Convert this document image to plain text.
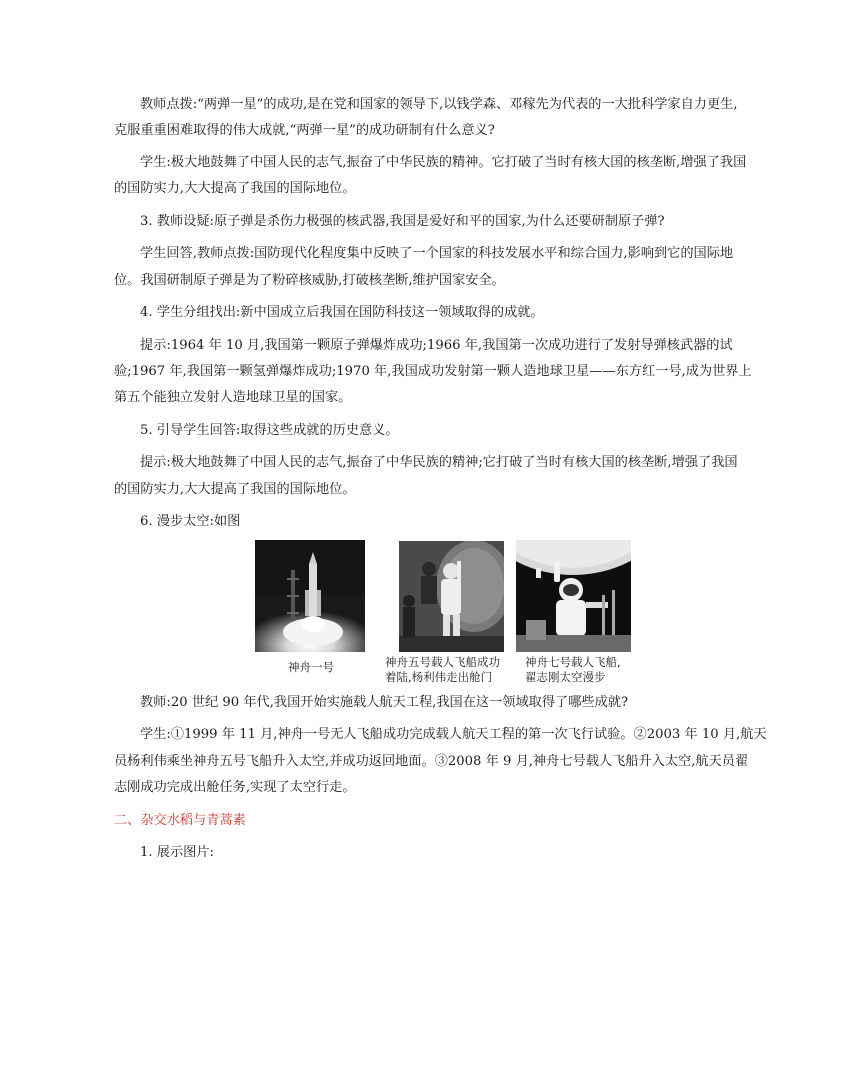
教师点拨:“两弹一星”的成功,是在党和国家的领导下,以钱学森、邓稼先为代表的一大批科学家自力更生,

克服重重困难取得的伟大成就,“两弹一星”的成功研制有什么意义?

学生:极大地鼓舞了中国人民的志气,振奋了中华民族的精神。它打破了当时有核大国的核垄断,增强了我国

的国防实力,大大提高了我国的国际地位。

3. 教师设疑:原子弹是杀伤力极强的核武器,我国是爱好和平的国家,为什么还要研制原子弹?

学生回答,教师点拨:国防现代化程度集中反映了一个国家的科技发展水平和综合国力,影响到它的国际地

位。我国研制原子弹是为了粉碎核威胁,打破核垄断,维护国家安全。

4. 学生分组找出:新中国成立后我国在国防科技这一领域取得的成就。

提示:1964 年 10 月,我国第一颗原子弹爆炸成功;1966 年,我国第一次成功进行了发射导弹核武器的试

验;1967 年,我国第一颗氢弹爆炸成功;1970 年,我国成功发射第一颗人造地球卫星——东方红一号,成为世界上

第五个能独立发射人造地球卫星的国家。

5. 引导学生回答:取得这些成就的历史意义。

提示:极大地鼓舞了中国人民的志气,振奋了中华民族的精神;它打破了当时有核大国的核垄断,增强了我国

的国防实力,大大提高了我国的国际地位。

6. 漫步太空:如图

神舟一号	神舟五号载人飞船成功
着陆,杨利伟走出舱门
神舟七号载人飞船,
翟志刚太空漫步

教师:20 世纪 90 年代,我国开始实施载人航天工程,我国在这一领域取得了哪些成就?

学生:①1999 年 11 月,神舟一号无人飞船成功完成载人航天工程的第一次飞行试验。②2003 年 10 月,航天

员杨利伟乘坐神舟五号飞船升入太空,并成功返回地面。③2008 年 9 月,神舟七号载人飞船升入太空,航天员翟

志刚成功完成出舱任务,实现了太空行走。

二、杂交水稻与青蒿素

1. 展示图片:
